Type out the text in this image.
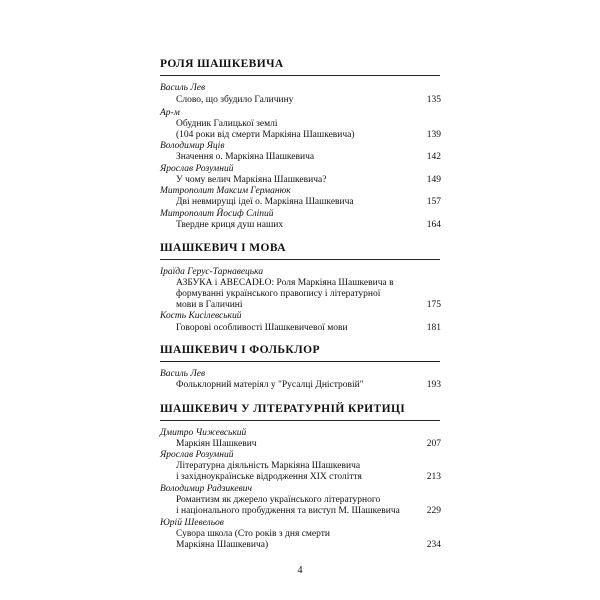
РОЛЯ ШАШКЕВИЧА
Василь Лев
Слово, що збудило Галичину	135
Ар-м
Обудник Галицької землі
(104 роки від смерти Маркіяна Шашкевича)	139
Володимир Яців
Значення о. Маркіяна Шашкевича	142
Ярослав Розумний
У чому велич Маркіяна Шашкевича?	149
Митрополит Максим Германюк
Дві невмирущі ідеї о. Маркіяна Шашкевича	157
Митрополит Йосиф Сліпий
Твердне криця душ наших	164
ШАШКЕВИЧ І МОВА
Іраїда Герус-Тарнавецька
АЗБУКА і ABECADŁO: Роля Маркіяна Шашкевича в
формуванні українського правопису і літературної
мови в Галичині	175
Кость Кисілевський
Говорові особливості Шашкевичевої мови	181
ШАШКЕВИЧ І ФОЛЬКЛОР
Василь Лев
Фольклорний матеріял у "Русалці Дністровій"	193
ШАШКЕВИЧ У ЛІТЕРАТУРНІЙ КРИТИЦІ
Дмитро Чижевський
Маркіян Шашкевич	207
Ярослав Розумний
Літературна діяльність Маркіяна Шашкевича
і західноукраїнське відродження XIX століття	213
Володимир Радзикевич
Романтизм як джерело українського літературного
і національного пробудження та виступ М. Шашкевича	229
Юрій Шевельов
Сувора школа (Сто років з дня смерти
Маркіяна Шашкевича)	234
4
